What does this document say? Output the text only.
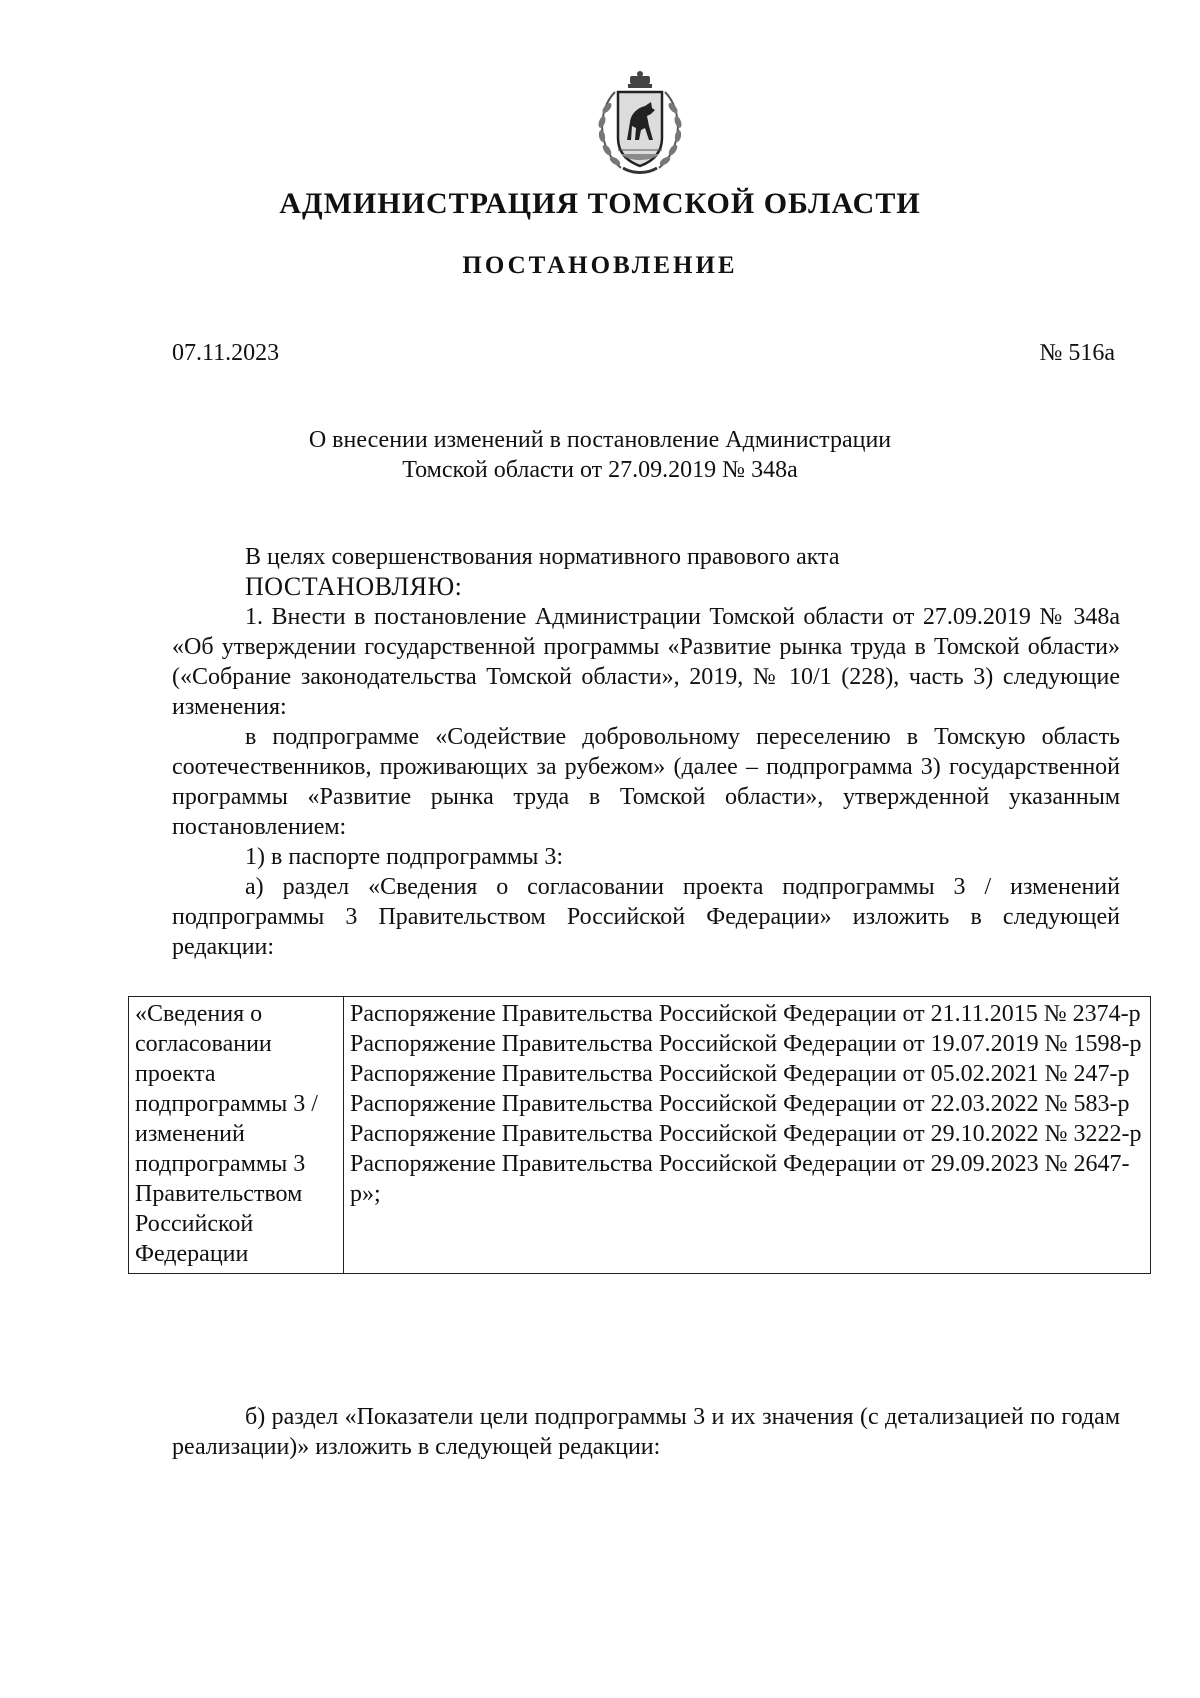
АДМИНИСТРАЦИЯ ТОМСКОЙ ОБЛАСТИ
ПОСТАНОВЛЕНИЕ
07.11.2023	№ 516а
О внесении изменений в постановление Администрации
Томской области от 27.09.2019 № 348а

В целях совершенствования нормативного правового акта

ПОСТАНОВЛЯЮ:

1. Внести в постановление Администрации Томской области от 27.09.2019 № 348а «Об утверждении государственной программы «Развитие рынка труда в Томской области» («Собрание законодательства Томской области», 2019, № 10/1 (228), часть 3) следующие изменения:

в подпрограмме «Содействие добровольному переселению в Томскую область соотечественников, проживающих за рубежом» (далее – подпрограмма 3) государственной программы «Развитие рынка труда в Томской области», утвержденной указанным постановлением:

1) в паспорте подпрограммы 3:

а) раздел «Сведения о согласовании проекта подпрограммы 3 / изменений подпрограммы 3 Правительством Российской Федерации» изложить в следующей редакции:

«Сведения о согласовании проекта подпрограммы 3 / изменений подпрограммы 3 Правительством Российской Федерации	
Распоряжение Правительства Российской Федерации от 21.11.2015 № 2374-р
Распоряжение Правительства Российской Федерации от 19.07.2019 № 1598-р
Распоряжение Правительства Российской Федерации от 05.02.2021 № 247-р
Распоряжение Правительства Российской Федерации от 22.03.2022 № 583-р
Распоряжение Правительства Российской Федерации от 29.10.2022 № 3222-р
Распоряжение Правительства Российской Федерации от 29.09.2023 № 2647-р»;

б) раздел «Показатели цели подпрограммы 3 и их значения (с детализацией по годам реализации)» изложить в следующей редакции:
